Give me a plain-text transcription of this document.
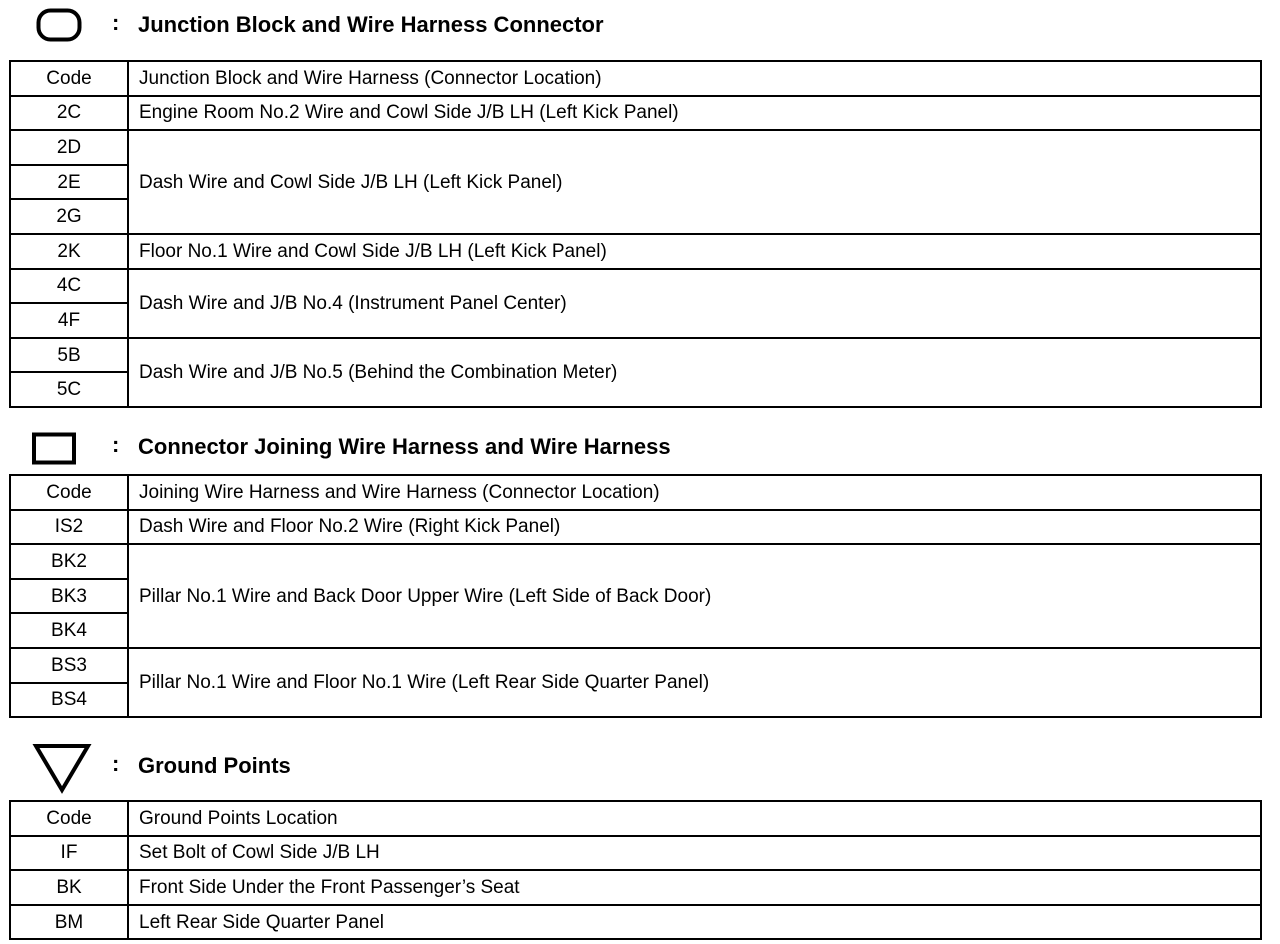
: Junction Block and Wire Harness Connector
Code	Junction Block and Wire Harness (Connector Location)
2C	Engine Room No.2 Wire and Cowl Side J/B LH (Left Kick Panel)
2D	Dash Wire and Cowl Side J/B LH (Left Kick Panel)
2E	
2G	
2K	Floor No.1 Wire and Cowl Side J/B LH (Left Kick Panel)
4C	Dash Wire and J/B No.4 (Instrument Panel Center)
4F	
5B	Dash Wire and J/B No.5 (Behind the Combination Meter)
5C	
: Connector Joining Wire Harness and Wire Harness
Code	Joining Wire Harness and Wire Harness (Connector Location)
IS2	Dash Wire and Floor No.2 Wire (Right Kick Panel)
BK2	Pillar No.1 Wire and Back Door Upper Wire (Left Side of Back Door)
BK3	
BK4	
BS3	Pillar No.1 Wire and Floor No.1 Wire (Left Rear Side Quarter Panel)
BS4	
: Ground Points
Code	Ground Points Location
IF	Set Bolt of Cowl Side J/B LH
BK	Front Side Under the Front Passenger’s Seat
BM	Left Rear Side Quarter Panel
